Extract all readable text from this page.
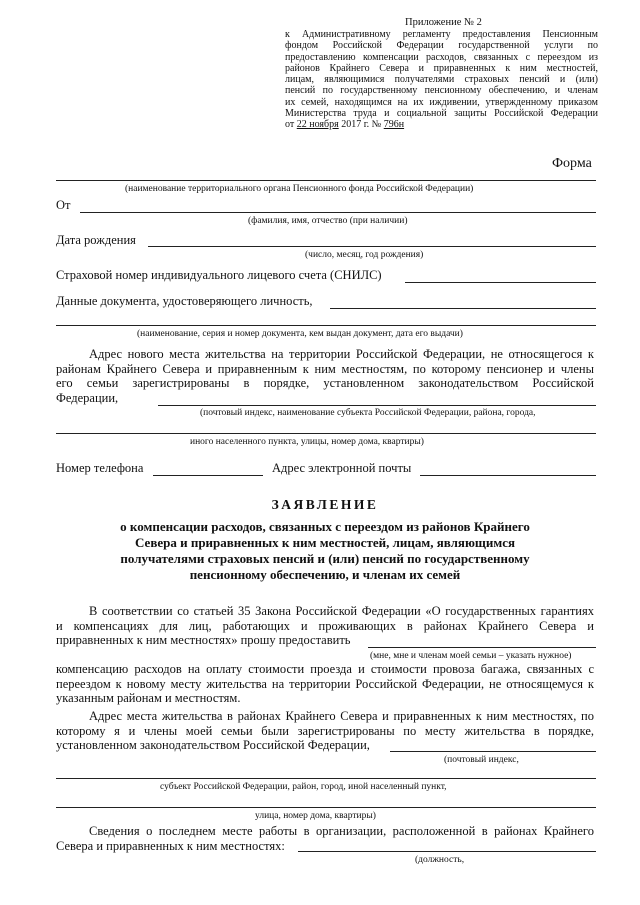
Приложение № 2
к Административному регламенту предоставления Пенсионным
фондом Российской Федерации государственной услуги по
предоставлению компенсации расходов, связанных с переездом из
районов Крайнего Севера и приравненных к ним местностей,
лицам, являющимися получателями страховых пенсий и (или)
пенсий по государственному пенсионному обеспечению, и членам
их семей, находящимся на их иждивении, утвержденному приказом
Министерства труда и социальной защиты Российской Федерации
от 22 ноября 2017 г. № 796н
Форма
(наименование территориального органа Пенсионного фонда Российской Федерации)
От
(фамилия, имя, отчество (при наличии)
Дата рождения
(число, месяц, год рождения)
Страховой номер индивидуального лицевого счета (СНИЛС)
Данные документа, удостоверяющего личность,
(наименование, серия и номер документа, кем выдан документ, дата его выдачи)
Адрес нового места жительства на территории Российской Федерации, не относящегося к
районам Крайнего Севера и приравненным к ним местностям, по которому пенсионер и члены
его семьи зарегистрированы в порядке, установленном законодательством Российской
Федерации,
(почтовый индекс, наименование субъекта Российской Федерации, района, города,
иного населенного пункта, улицы, номер дома, квартиры)
Номер телефона	Адрес электронной почты
ЗАЯВЛЕНИЕ
о компенсации расходов, связанных с переездом из районов Крайнего
Севера и приравненных к ним местностей, лицам, являющимся
получателями страховых пенсий и (или) пенсий по государственному
пенсионному обеспечению, и членам их семей
В соответствии со статьей 35 Закона Российской Федерации «О государственных гарантиях
и компенсациях для лиц, работающих и проживающих в районах Крайнего Севера и
приравненных к ним местностях» прошу предоставить
(мне, мне и членам моей семьи – указать нужное)
компенсацию расходов на оплату стоимости проезда и стоимости провоза багажа, связанных с
переездом к новому месту жительства на территории Российской Федерации, не относящемуся к
указанным районам и местностям.
Адрес места жительства в районах Крайнего Севера и приравненных к ним местностях, по
которому я и члены моей семьи были зарегистрированы по месту жительства в порядке,
установленном законодательством Российской Федерации,
(почтовый индекс,
субъект Российской Федерации, район, город, иной населенный пункт,
улица, номер дома, квартиры)
Сведения о последнем месте работы в организации, расположенной в районах Крайнего
Севера и приравненных к ним местностях:
(должность,
